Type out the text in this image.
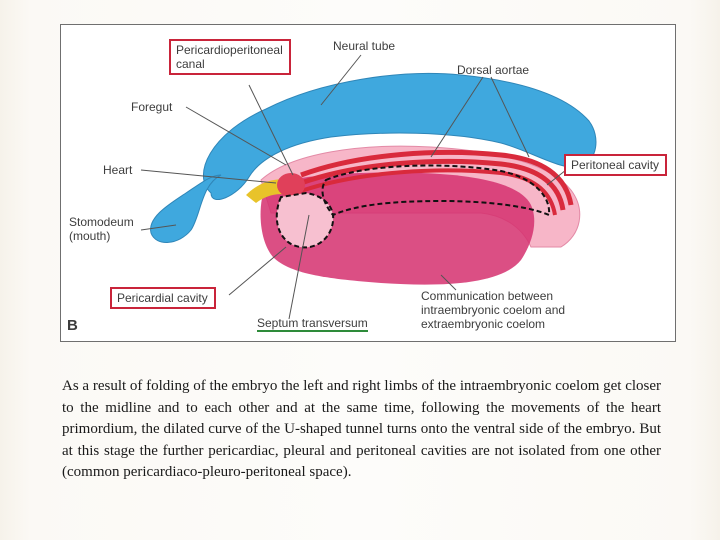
Pericardioperitoneal
canal
Neural tube
Dorsal aortae
Foregut
Heart	Peritoneal cavity
Stomodeum
(mouth)
Pericardial cavity
Septum transversum
Communication between
intraembryonic coelom and
extraembryonic coelom
B

As a result of folding of the embryo the left and right limbs of the intraembryonic coelom get closer to the midline and to each other and at the same time, following the movements of the heart primordium, the dilated curve of the U-shaped tunnel turns onto the ventral side of the embryo. But at this stage the further pericardiac, pleural and peritoneal cavities are not isolated from one other (common pericardiaco-pleuro-peritoneal space).
